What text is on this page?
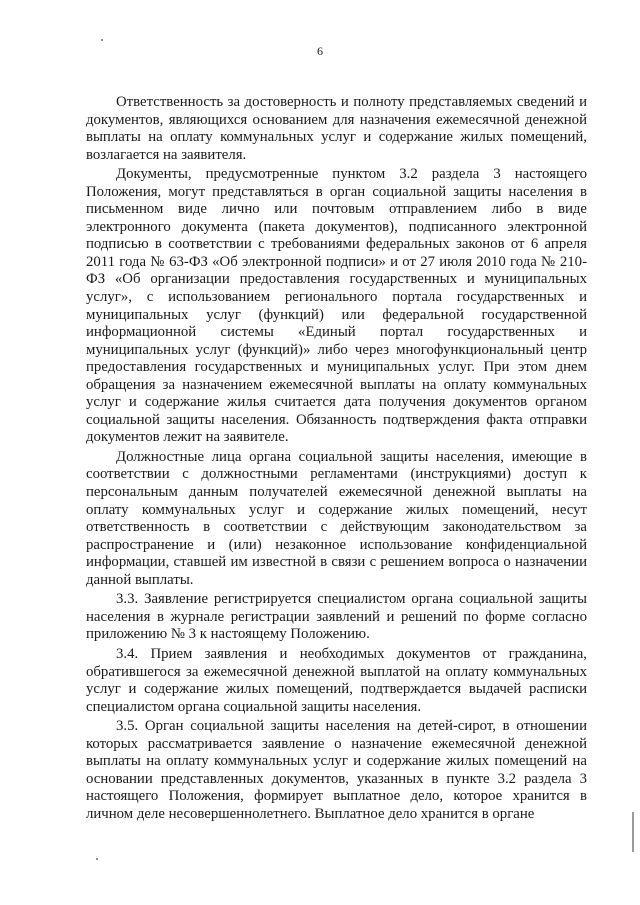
6

Ответственность за достоверность и полноту представляемых сведений и документов, являющихся основанием для назначения ежемесячной денежной выплаты на оплату коммунальных услуг и содержание жилых помещений, возлагается на заявителя.

Документы, предусмотренные пунктом 3.2 раздела 3 настоящего Положения, могут представляться в орган социальной защиты населения в письменном виде лично или почтовым отправлением либо в виде электронного документа (пакета документов), подписанного электронной подписью в соответствии с требованиями федеральных законов от 6 апреля 2011 года № 63-ФЗ «Об электронной подписи» и от 27 июля 2010 года № 210-ФЗ «Об организации предоставления государственных и муниципальных услуг», с использованием регионального портала государственных и муниципальных услуг (функций) или федеральной государственной информационной системы «Единый портал государственных и муниципальных услуг (функций)» либо через многофункциональный центр предоставления государственных и муниципальных услуг. При этом днем обращения за назначением ежемесячной выплаты на оплату коммунальных услуг и содержание жилья считается дата получения документов органом социальной защиты населения. Обязанность подтверждения факта отправки документов лежит на заявителе.

Должностные лица органа социальной защиты населения, имеющие в соответствии с должностными регламентами (инструкциями) доступ к персональным данным получателей ежемесячной денежной выплаты на оплату коммунальных услуг и содержание жилых помещений, несут ответственность в соответствии с действующим законодательством за распространение и (или) незаконное использование конфиденциальной информации, ставшей им известной в связи с решением вопроса о назначении данной выплаты.

3.3. Заявление регистрируется специалистом органа социальной защиты населения в журнале регистрации заявлений и решений по форме согласно приложению № 3 к настоящему Положению.

3.4. Прием заявления и необходимых документов от гражданина, обратившегося за ежемесячной денежной выплатой на оплату коммунальных услуг и содержание жилых помещений, подтверждается выдачей расписки специалистом органа социальной защиты населения.

3.5. Орган социальной защиты населения на детей-сирот, в отношении которых рассматривается заявление о назначение ежемесячной денежной выплаты на оплату коммунальных услуг и содержание жилых помещений на основании представленных документов, указанных в пункте 3.2 раздела 3 настоящего Положения, формирует выплатное дело, которое хранится в личном деле несовершеннолетнего. Выплатное дело хранится в органе
